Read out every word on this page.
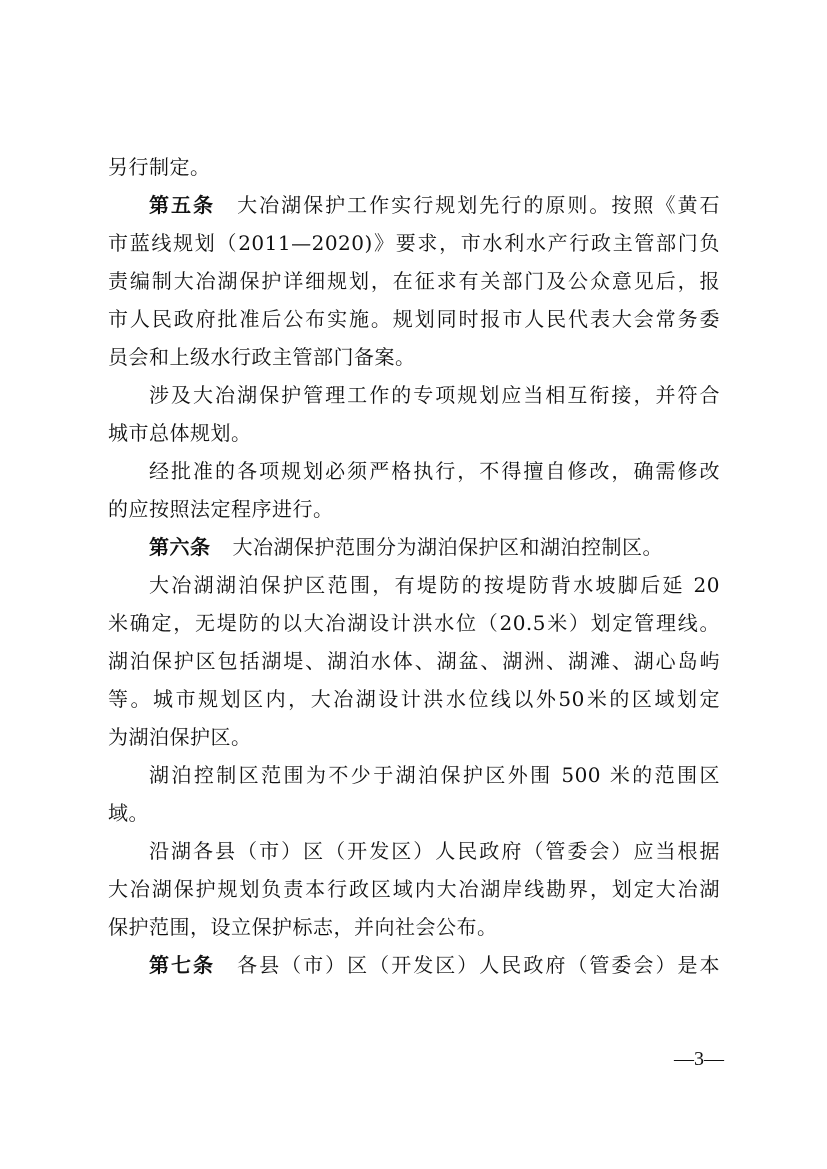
另行制定。
第五条 大冶湖保护工作实行规划先行的原则。按照《黄石
市蓝线规划（2011—2020)》要求，市水利水产行政主管部门负
责编制大冶湖保护详细规划，在征求有关部门及公众意见后，报
市人民政府批准后公布实施。规划同时报市人民代表大会常务委
员会和上级水行政主管部门备案。
涉及大冶湖保护管理工作的专项规划应当相互衔接，并符合
城市总体规划。
经批准的各项规划必须严格执行，不得擅自修改，确需修改
的应按照法定程序进行。
第六条 大冶湖保护范围分为湖泊保护区和湖泊控制区。
大冶湖湖泊保护区范围，有堤防的按堤防背水坡脚后延 20
米确定，无堤防的以大冶湖设计洪水位（20.5米）划定管理线。
湖泊保护区包括湖堤、湖泊水体、湖盆、湖洲、湖滩、湖心岛屿
等。城市规划区内，大冶湖设计洪水位线以外50米的区域划定
为湖泊保护区。
湖泊控制区范围为不少于湖泊保护区外围 500 米的范围区
域。
沿湖各县（市）区（开发区）人民政府（管委会）应当根据
大冶湖保护规划负责本行政区域内大冶湖岸线勘界，划定大冶湖
保护范围，设立保护标志，并向社会公布。
第七条 各县（市）区（开发区）人民政府（管委会）是本
—3—
